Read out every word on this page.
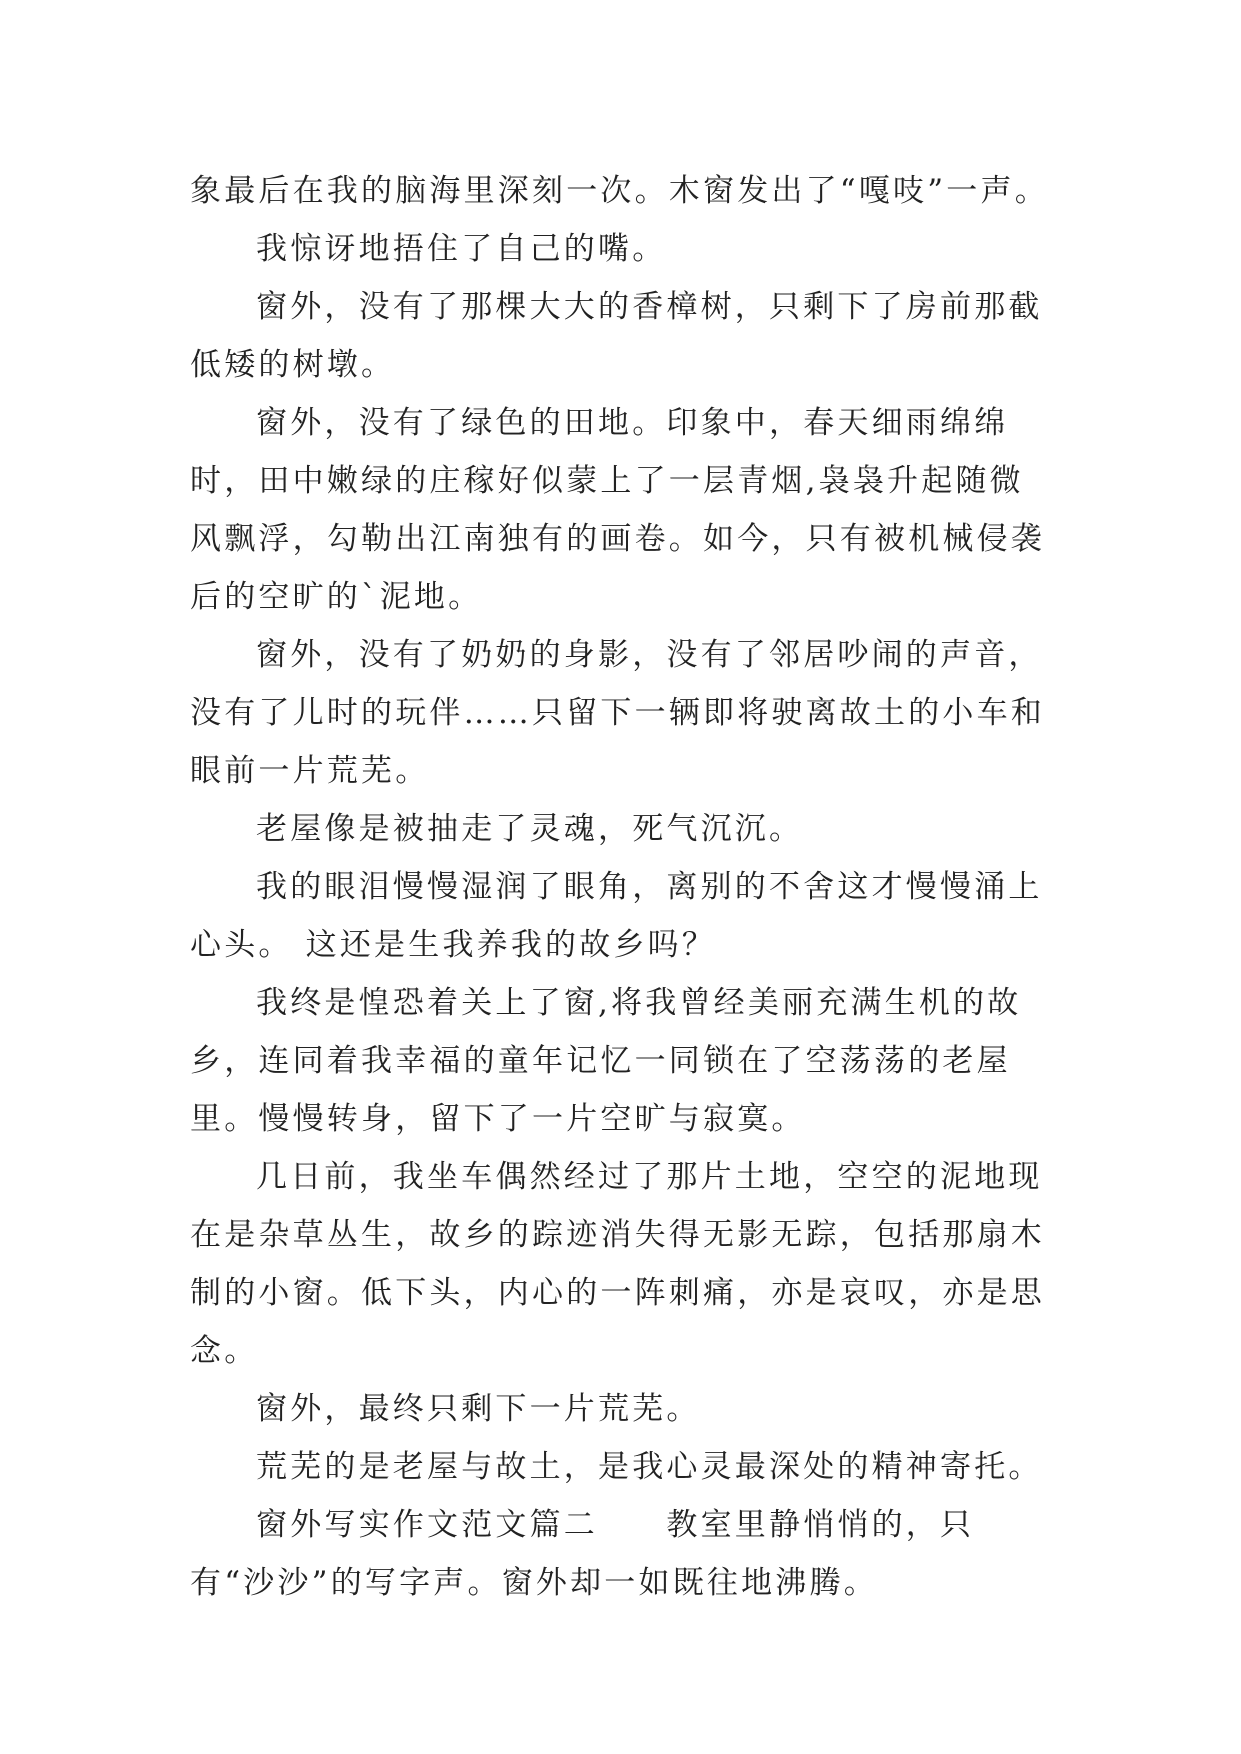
象最后在我的脑海里深刻一次。木窗发出了“嘎吱”一声。

我惊讶地捂住了自己的嘴。

窗外，没有了那棵大大的香樟树，只剩下了房前那截低矮的树墩。

窗外，没有了绿色的田地。印象中，春天细雨绵绵时，田中嫩绿的庄稼好似蒙上了一层青烟,袅袅升起随微风飘浮，勾勒出江南独有的画卷。如今，只有被机械侵袭后的空旷的`泥地。

窗外，没有了奶奶的身影，没有了邻居吵闹的声音，没有了儿时的玩伴……只留下一辆即将驶离故土的小车和眼前一片荒芜。

老屋像是被抽走了灵魂，死气沉沉。

我的眼泪慢慢湿润了眼角，离别的不舍这才慢慢涌上心头。 这还是生我养我的故乡吗？

我终是惶恐着关上了窗,将我曾经美丽充满生机的故乡，连同着我幸福的童年记忆一同锁在了空荡荡的老屋里。慢慢转身，留下了一片空旷与寂寞。

几日前，我坐车偶然经过了那片土地，空空的泥地现在是杂草丛生，故乡的踪迹消失得无影无踪，包括那扇木制的小窗。低下头，内心的一阵刺痛，亦是哀叹，亦是思念。

窗外，最终只剩下一片荒芜。

荒芜的是老屋与故土，是我心灵最深处的精神寄托。

窗外写实作文范文篇二　　教室里静悄悄的，只有“沙沙”的写字声。窗外却一如既往地沸腾。
